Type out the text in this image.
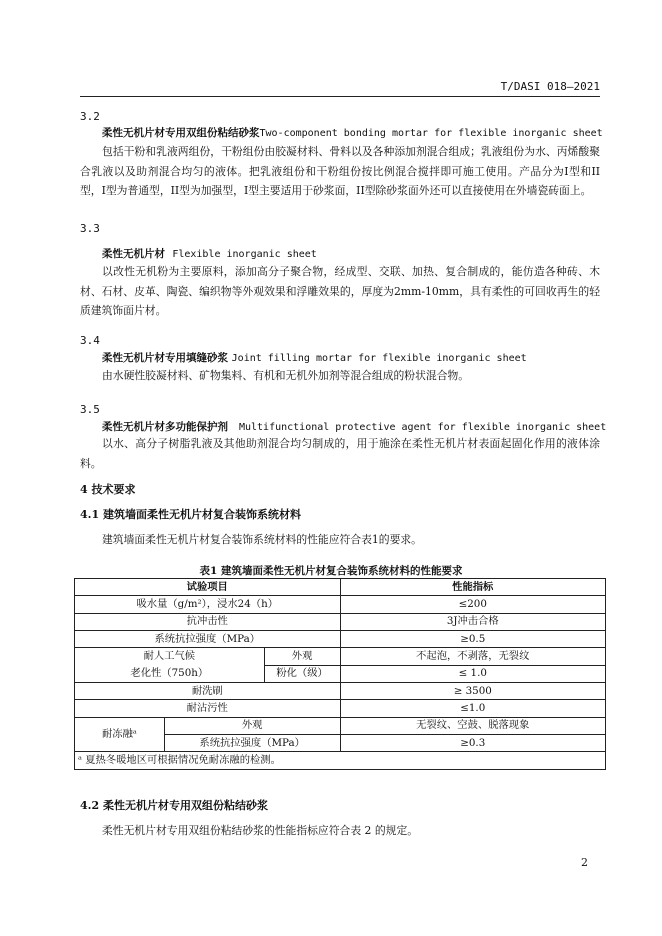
T/DASI 018—2021
3.2
柔性无机片材专用双组份粘结砂浆Two-component bonding mortar for flexible inorganic sheet
包括干粉和乳液两组份，干粉组份由胶凝材料、骨料以及各种添加剂混合组成；乳液组份为水、丙烯酸聚合乳液以及助剂混合均匀的液体。把乳液组份和干粉组份按比例混合搅拌即可施工使用。产品分为I型和II型，I型为普通型，II型为加强型，I型主要适用于砂浆面，II型除砂浆面外还可以直接使用在外墙瓷砖面上。
3.3
柔性无机片材 Flexible inorganic sheet
以改性无机粉为主要原料，添加高分子聚合物，经成型、交联、加热、复合制成的，能仿造各种砖、木材、石材、皮革、陶瓷、编织物等外观效果和浮雕效果的，厚度为2mm-10mm，具有柔性的可回收再生的轻质建筑饰面片材。
3.4
柔性无机片材专用填缝砂浆 Joint filling mortar for flexible inorganic sheet
由水硬性胶凝材料、矿物集料、有机和无机外加剂等混合组成的粉状混合物。
3.5
柔性无机片材多功能保护剂 Multifunctional protective agent for flexible inorganic sheet
以水、高分子树脂乳液及其他助剂混合均匀制成的，用于施涂在柔性无机片材表面起固化作用的液体涂料。
4 技术要求
4.1 建筑墙面柔性无机片材复合装饰系统材料
建筑墙面柔性无机片材复合装饰系统材料的性能应符合表1的要求。
表1 建筑墙面柔性无机片材复合装饰系统材料的性能要求
试验项目			性能指标
吸水量（g/m²），浸水24（h）			≤200
抗冲击性			3J冲击合格
系统抗拉强度（MPa）			≥0.5

耐人工气候
老化性（750h）		外观	不起泡，不剥落，无裂纹
		粉化（级）	≤ 1.0
耐洗刷			≥ 3500
耐沾污性			≤1.0
耐冻融ᵃ	外观		无裂纹、空鼓、脱落现象
	系统抗拉强度（MPa）		≥0.3
ᵃ 夏热冬暖地区可根据情况免耐冻融的检测。			
4.2 柔性无机片材专用双组份粘结砂浆
柔性无机片材专用双组份粘结砂浆的性能指标应符合表 2 的规定。
2
